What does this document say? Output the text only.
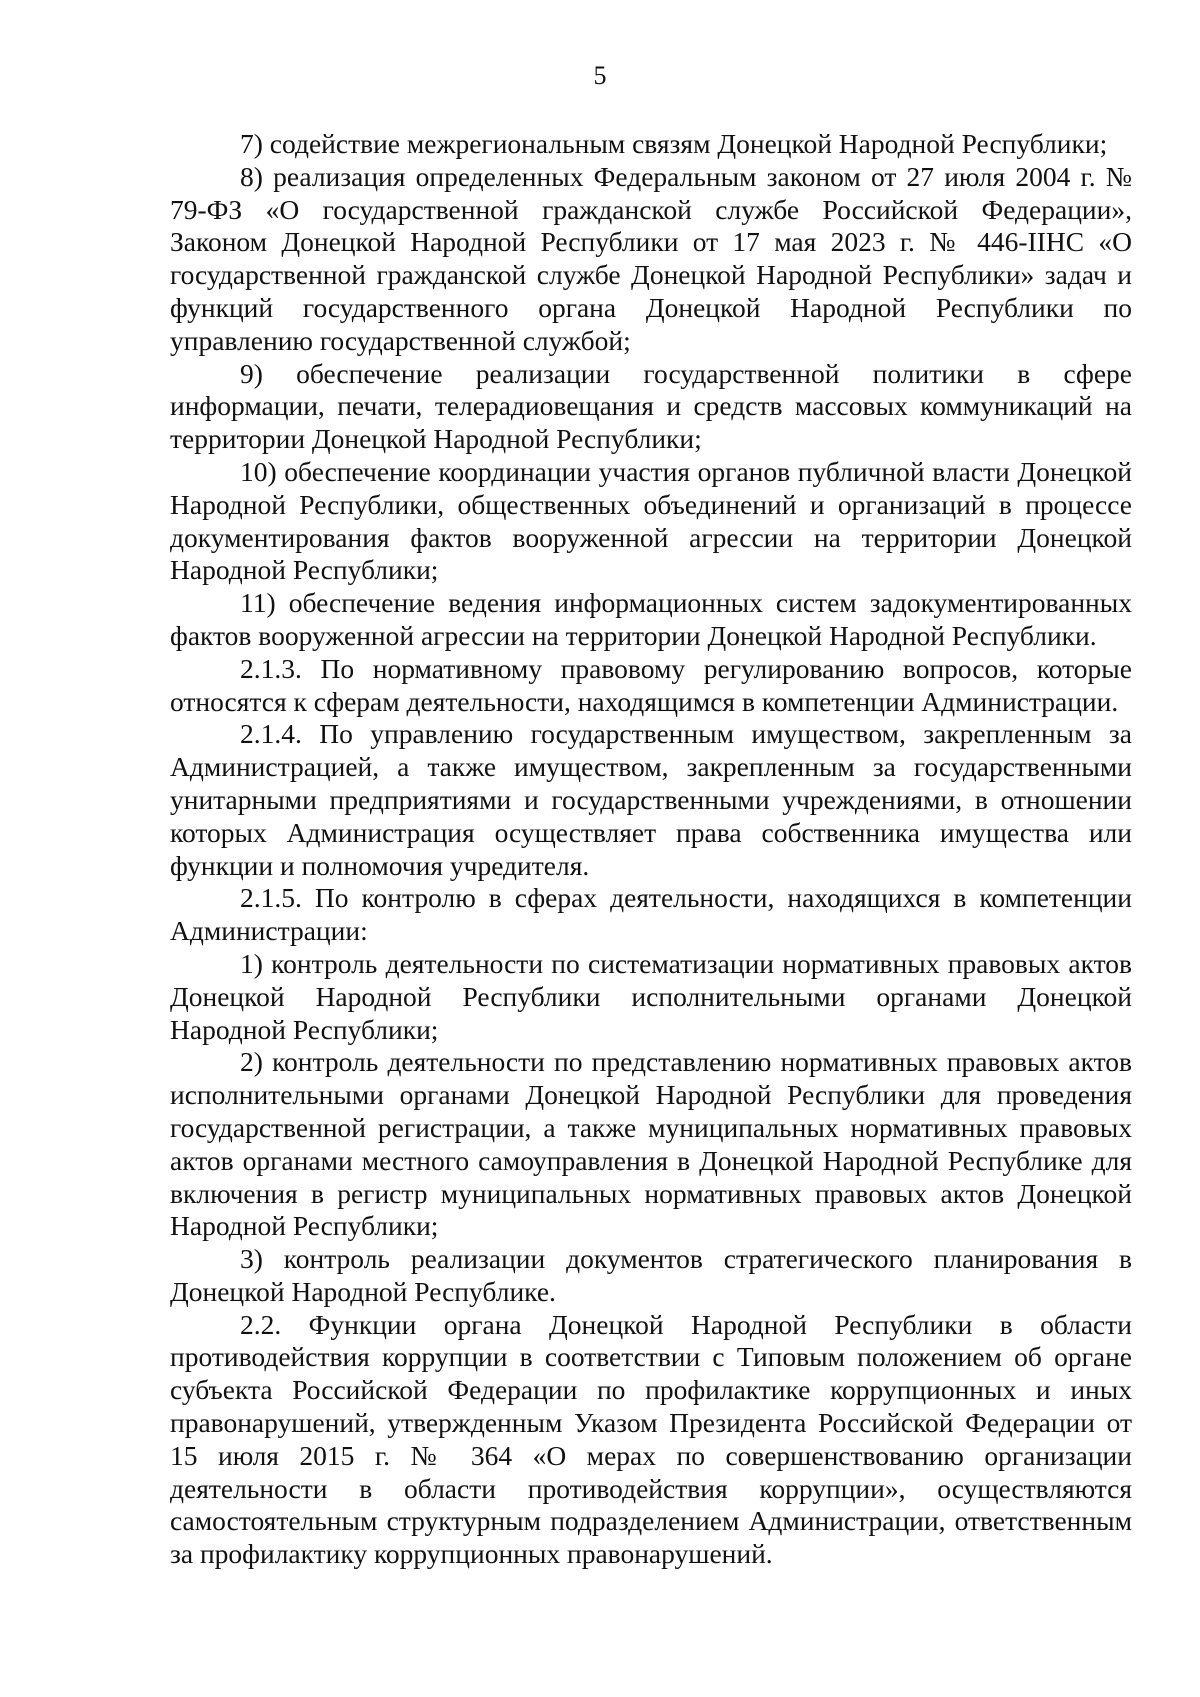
5

7) содействие межрегиональным связям Донецкой Народной Республики;

8) реализация определенных Федеральным законом от 27 июля 2004 г. № 79-ФЗ «О государственной гражданской службе Российской Федерации», Законом Донецкой Народной Республики от 17 мая 2023 г. № 446-IIНС «О государственной гражданской службе Донецкой Народной Республики» задач и функций государственного органа Донецкой Народной Республики по управлению государственной службой;

9) обеспечение реализации государственной политики в сфере информации, печати, телерадиовещания и средств массовых коммуникаций на территории Донецкой Народной Республики;

10) обеспечение координации участия органов публичной власти Донецкой Народной Республики, общественных объединений и организаций в процессе документирования фактов вооруженной агрессии на территории Донецкой Народной Республики;

11) обеспечение ведения информационных систем задокументированных фактов вооруженной агрессии на территории Донецкой Народной Республики.

2.1.3. По нормативному правовому регулированию вопросов, которые относятся к сферам деятельности, находящимся в компетенции Администрации.

2.1.4. По управлению государственным имуществом, закрепленным за Администрацией, а также имуществом, закрепленным за государственными унитарными предприятиями и государственными учреждениями, в отношении которых Администрация осуществляет права собственника имущества или функции и полномочия учредителя.

2.1.5. По контролю в сферах деятельности, находящихся в компетенции Администрации:

1) контроль деятельности по систематизации нормативных правовых актов Донецкой Народной Республики исполнительными органами Донецкой Народной Республики;

2) контроль деятельности по представлению нормативных правовых актов исполнительными органами Донецкой Народной Республики для проведения государственной регистрации, а также муниципальных нормативных правовых актов органами местного самоуправления в Донецкой Народной Республике для включения в регистр муниципальных нормативных правовых актов Донецкой Народной Республики;

3) контроль реализации документов стратегического планирования в Донецкой Народной Республике.

2.2. Функции органа Донецкой Народной Республики в области противодействия коррупции в соответствии с Типовым положением об органе субъекта Российской Федерации по профилактике коррупционных и иных правонарушений, утвержденным Указом Президента Российской Федерации от 15 июля 2015 г. № 364 «О мерах по совершенствованию организации деятельности в области противодействия коррупции», осуществляются самостоятельным структурным подразделением Администрации, ответственным за профилактику коррупционных правонарушений.
